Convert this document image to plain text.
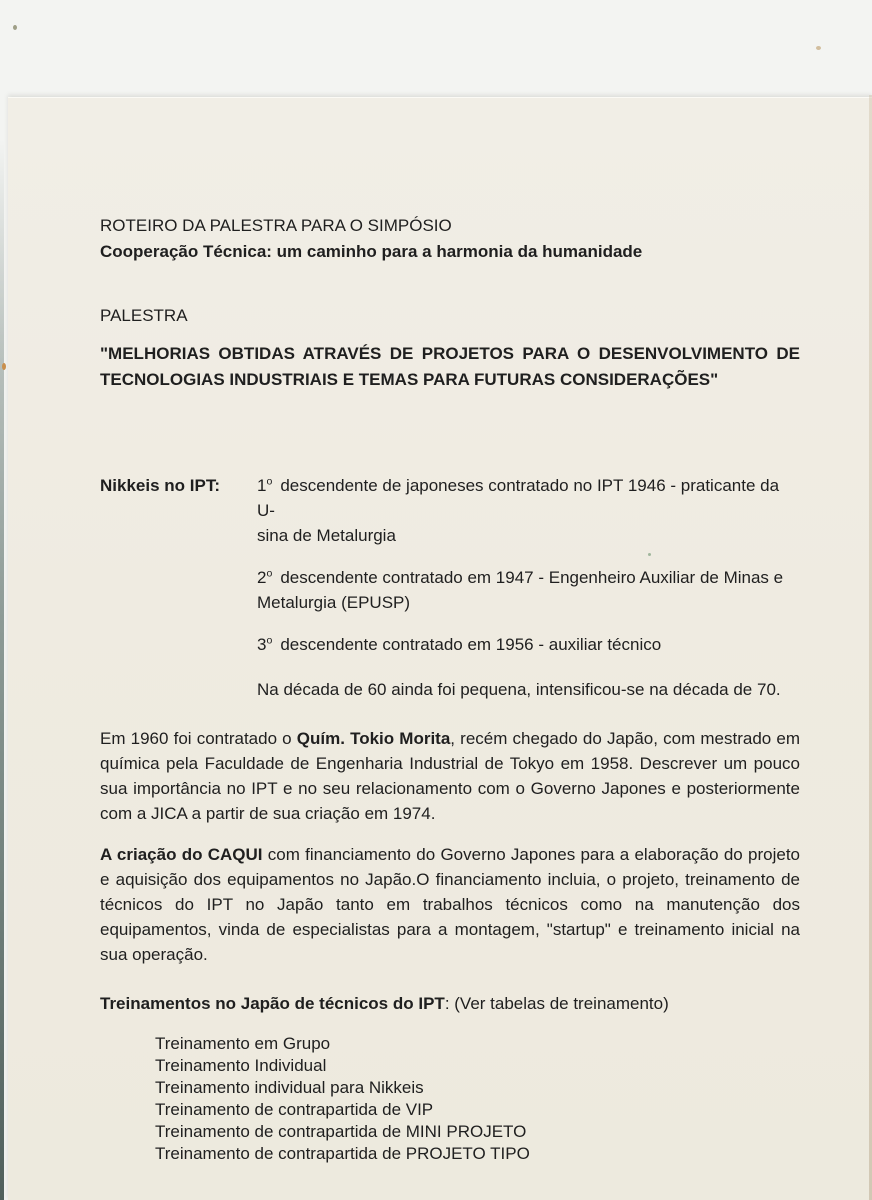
ROTEIRO DA PALESTRA PARA O SIMPÓSIO
Cooperação Técnica: um caminho para a harmonia da humanidade
PALESTRA
"MELHORIAS OBTIDAS ATRAVÉS DE PROJETOS PARA O DESENVOLVIMENTO DE TECNOLOGIAS INDUSTRIAIS E TEMAS PARA FUTURAS CONSIDERAÇÕES"
Nikkeis no IPT:	1$^o$ descendente de japoneses contratado no IPT 1946 - praticante da U-
sina de Metalurgia
2$^o$ descendente contratado em 1947 - Engenheiro Auxiliar de Minas e
Metalurgia (EPUSP)
3$^o$ descendente contratado em 1956 - auxiliar técnico
Na década de 60 ainda foi pequena, intensificou-se na década de 70.

Em 1960 foi contratado o Quím. Tokio Morita, recém chegado do Japão, com mestrado em química pela Faculdade de Engenharia Industrial de Tokyo em 1958. Descrever um pouco sua importância no IPT e no seu relacionamento com o Governo Japones e posteriormente com a JICA a partir de sua criação em 1974.

A criação do CAQUI com financiamento do Governo Japones para a elaboração do projeto e aquisição dos equipamentos no Japão.O financiamento incluia, o projeto, treinamento de técnicos do IPT no Japão tanto em trabalhos técnicos como na manutenção dos equipamentos, vinda de especialistas para a montagem, "startup" e treinamento inicial na sua operação.

Treinamentos no Japão de técnicos do IPT: (Ver tabelas de treinamento)
Treinamento em Grupo
Treinamento Individual
Treinamento individual para Nikkeis
Treinamento de contrapartida de VIP
Treinamento de contrapartida de MINI PROJETO
Treinamento de contrapartida de PROJETO TIPO
